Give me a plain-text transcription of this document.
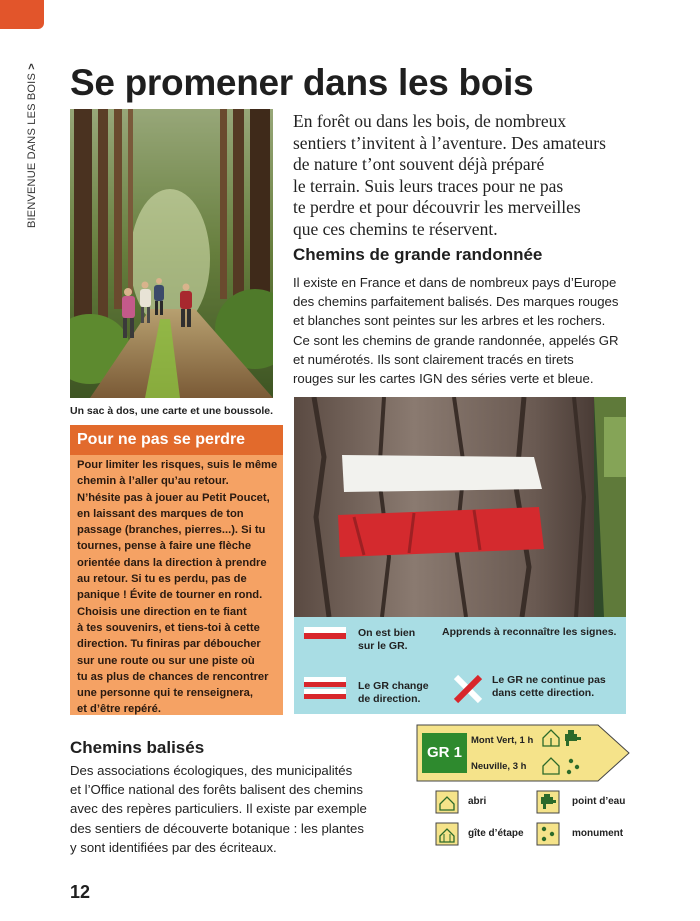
BIENVENUE DANS LES BOIS > Se promener dans les bois
Un sac à dos, une carte et une boussole.
En forêt ou dans les bois, de nombreux
sentiers t’invitent à l’aventure. Des amateurs
de nature t’ont souvent déjà préparé
le terrain. Suis leurs traces pour ne pas
te perdre et pour découvrir les merveilles
que ces chemins te réservent.
Chemins de grande randonnée
Il existe en France et dans de nombreux pays d’Europe
des chemins parfaitement balisés. Des marques rouges
et blanches sont peintes sur les arbres et les rochers.
Ce sont les chemins de grande randonnée, appelés GR
et numérotés. Ils sont clairement tracés en tirets
rouges sur les cartes IGN des séries verte et bleue.
Pour ne pas se perdre
Pour limiter les risques, suis le même
chemin à l’aller qu’au retour.
N’hésite pas à jouer au Petit Poucet,
en laissant des marques de ton
passage (branches, pierres...). Si tu
tournes, pense à faire une flèche
orientée dans la direction à prendre
au retour. Si tu es perdu, pas de
panique ! Évite de tourner en rond.
Choisis une direction en te fiant
à tes souvenirs, et tiens-toi à cette
direction. Tu finiras par déboucher
sur une route ou sur une piste où
tu as plus de chances de rencontrer
une personne qui te renseignera,
et d’être repéré.
On est bien
sur le GR.
Apprends à reconnaître les signes.
Le GR change
de direction.
Le GR ne continue pas
dans cette direction.
Chemins balisés
Des associations écologiques, des municipalités
et l’Office national des forêts balisent des chemins
avec des repères particuliers. Il existe par exemple
des sentiers de découverte botanique : les plantes
y sont identifiées par des écriteaux.
GR 1
Mont Vert, 1 h
Neuville, 3 h
abri	point d’eau
gîte d’étape	monument
12
